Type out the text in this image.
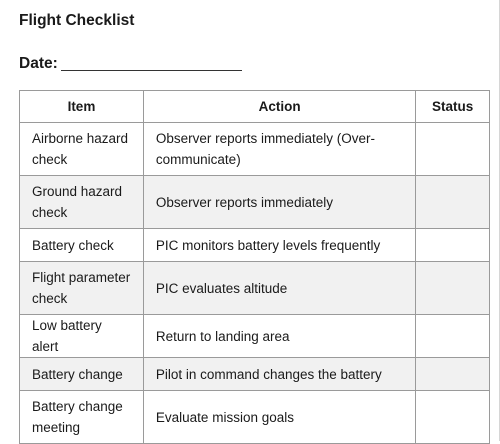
Flight Checklist
Date:
Item	Action	Status
Airborne hazard check	Observer reports immediately (Over-communicate)	
Ground hazard check	Observer reports immediately	
Battery check	PIC monitors battery levels frequently	
Flight parameter check	PIC evaluates altitude	
Low battery alert	Return to landing area	
Battery change	Pilot in command changes the battery	
Battery change meeting	Evaluate mission goals	
